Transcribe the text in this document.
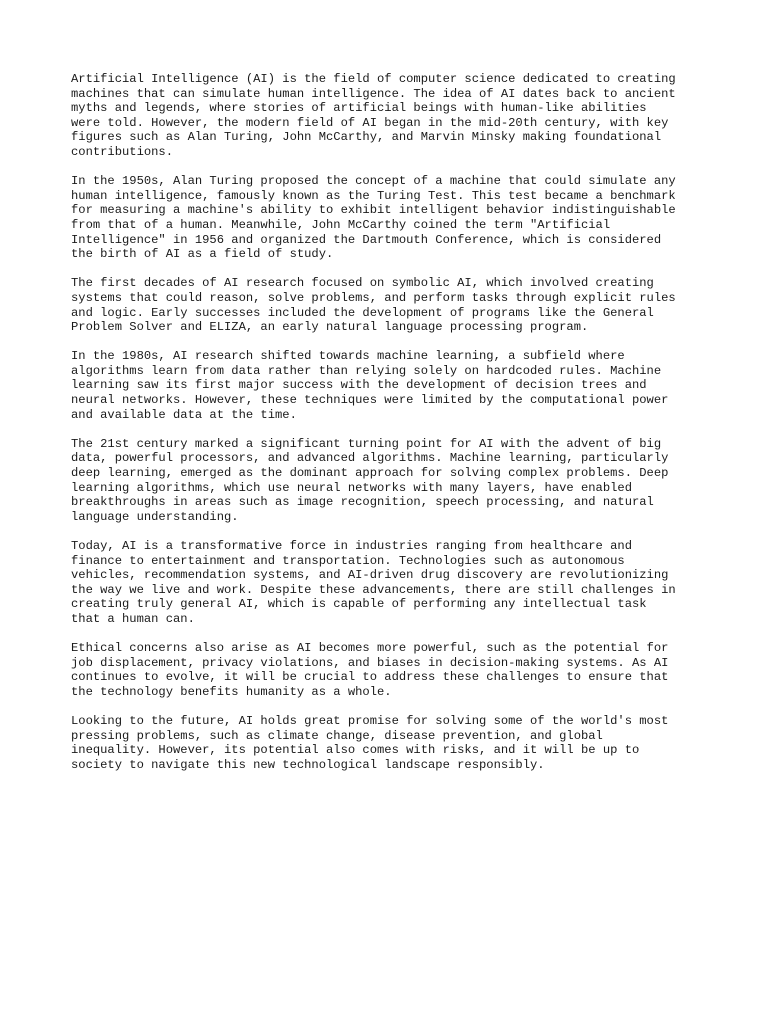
Artificial Intelligence (AI) is the field of computer science dedicated to creating
machines that can simulate human intelligence. The idea of AI dates back to ancient
myths and legends, where stories of artificial beings with human-like abilities
were told. However, the modern field of AI began in the mid-20th century, with key
figures such as Alan Turing, John McCarthy, and Marvin Minsky making foundational
contributions.

In the 1950s, Alan Turing proposed the concept of a machine that could simulate any
human intelligence, famously known as the Turing Test. This test became a benchmark
for measuring a machine's ability to exhibit intelligent behavior indistinguishable
from that of a human. Meanwhile, John McCarthy coined the term "Artificial
Intelligence" in 1956 and organized the Dartmouth Conference, which is considered
the birth of AI as a field of study.

The first decades of AI research focused on symbolic AI, which involved creating
systems that could reason, solve problems, and perform tasks through explicit rules
and logic. Early successes included the development of programs like the General
Problem Solver and ELIZA, an early natural language processing program.

In the 1980s, AI research shifted towards machine learning, a subfield where
algorithms learn from data rather than relying solely on hardcoded rules. Machine
learning saw its first major success with the development of decision trees and
neural networks. However, these techniques were limited by the computational power
and available data at the time.

The 21st century marked a significant turning point for AI with the advent of big
data, powerful processors, and advanced algorithms. Machine learning, particularly
deep learning, emerged as the dominant approach for solving complex problems. Deep
learning algorithms, which use neural networks with many layers, have enabled
breakthroughs in areas such as image recognition, speech processing, and natural
language understanding.

Today, AI is a transformative force in industries ranging from healthcare and
finance to entertainment and transportation. Technologies such as autonomous
vehicles, recommendation systems, and AI-driven drug discovery are revolutionizing
the way we live and work. Despite these advancements, there are still challenges in
creating truly general AI, which is capable of performing any intellectual task
that a human can.

Ethical concerns also arise as AI becomes more powerful, such as the potential for
job displacement, privacy violations, and biases in decision-making systems. As AI
continues to evolve, it will be crucial to address these challenges to ensure that
the technology benefits humanity as a whole.

Looking to the future, AI holds great promise for solving some of the world's most
pressing problems, such as climate change, disease prevention, and global
inequality. However, its potential also comes with risks, and it will be up to
society to navigate this new technological landscape responsibly.
